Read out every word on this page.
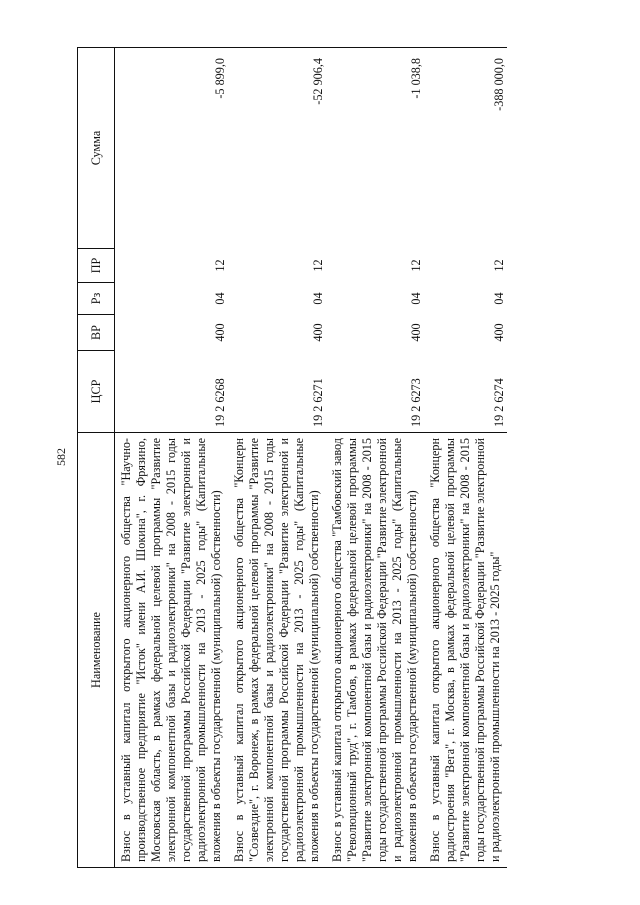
582
Наименование	ЦСР	ВР	Рз	ПР	Сумма
Взнос в уставный капитал открытого акционерного общества "Научно-производственное предприятие "Исток" имени А.И. Шокина", г. Фрязино, Московская область, в рамках федеральной целевой программы "Развитие электронной компонентной базы и радиоэлектроники" на 2008 - 2015 годы государственной программы Российской Федерации "Развитие электронной и радиоэлектронной промышленности на 2013 - 2025 годы" (Капитальные вложения в объекты государственной (муниципальной) собственности)	19 2 6268	400	04	12	-5 899,0
Взнос в уставный капитал открытого акционерного общества "Концерн "Созвездие", г. Воронеж, в рамках федеральной целевой программы "Развитие электронной компонентной базы и радиоэлектроники" на 2008 - 2015 годы государственной программы Российской Федерации "Развитие электронной и радиоэлектронной промышленности на 2013 - 2025 годы" (Капитальные вложения в объекты государственной (муниципальной) собственности)	19 2 6271	400	04	12	-52 906,4
Взнос в уставный капитал открытого акционерного общества "Тамбовский завод "Революционный труд", г. Тамбов, в рамках федеральной целевой программы "Развитие электронной компонентной базы и радиоэлектроники" на 2008 - 2015 годы государственной программы Российской Федерации "Развитие электронной и радиоэлектронной промышленности на 2013 - 2025 годы" (Капитальные вложения в объекты государственной (муниципальной) собственности)	19 2 6273	400	04	12	-1 038,8
Взнос в уставный капитал открытого акционерного общества "Концерн радиостроения "Вега", г. Москва, в рамках федеральной целевой программы "Развитие электронной компонентной базы и радиоэлектроники" на 2008 - 2015 годы государственной программы Российской Федерации "Развитие электронной и радиоэлектронной промышленности на 2013 - 2025 годы"	19 2 6274	400	04	12	-388 000,0
